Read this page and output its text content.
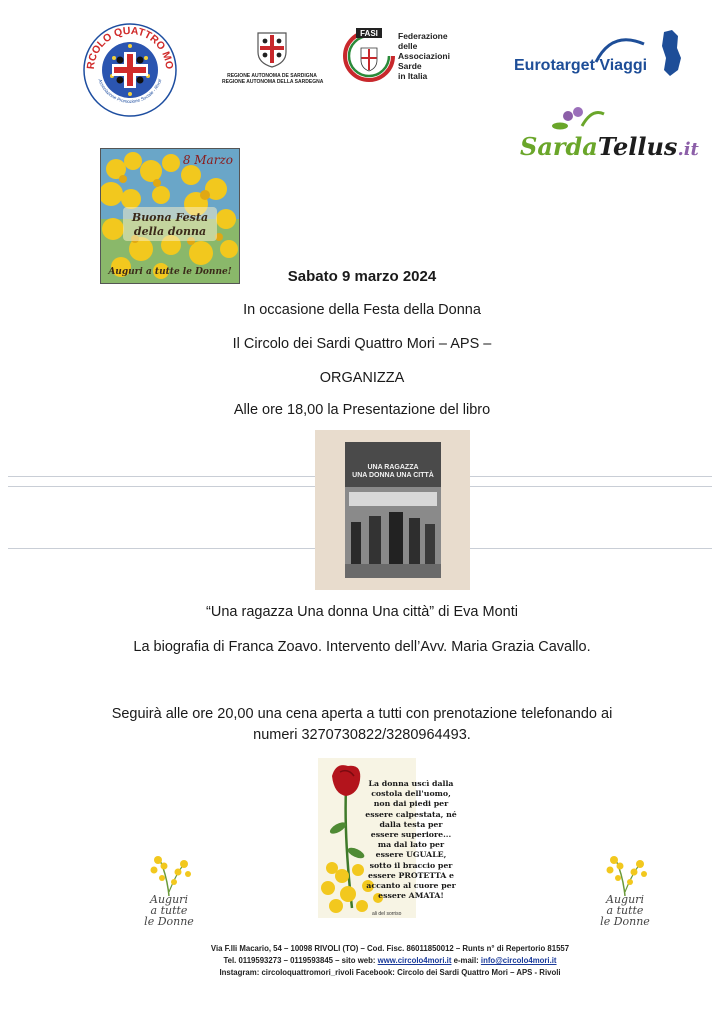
RCOLO QUATTRO MO
Associazione Promozione Sociale - Rivoli
REGIONE AUTONOMA DE SARDIGNA
REGIONE AUTONOMA DELLA SARDEGNA
FASI Federazione
delle
Associazioni
Sarde
in Italia
Eurotarget Viaggi
SardaTellus.it
8 Marzo
Buona Festa
della donna
Auguri a tutte le Donne!	Sabato 9 marzo 2024
In occasione della Festa della Donna
Il Circolo dei Sardi Quattro Mori – APS –
ORGANIZZA
Alle ore 18,00 la Presentazione del libro
UNA RAGAZZA
UNA DONNA UNA CITTÀ
“Una ragazza Una donna Una città” di Eva Monti
La biografia di Franca Zoavo. Intervento dell’Avv. Maria Grazia Cavallo.
Seguirà alle ore 20,00 una cena aperta a tutti con prenotazione telefonando ai
numeri 3270730822/3280964493.
La donna uscì dalla
costola dell'uomo,
non dai piedi per
essere calpestata, né
dalla testa per
essere superiore...
ma dal lato per
essere UGUALE,
sotto il braccio per
essere PROTETTA e
accanto al cuore per
essere AMATA!
ali del sorriso
Auguri
a tutte
le Donne
Auguri
a tutte
le Donne
Via F.lli Macario, 54 – 10098 RIVOLI (TO) – Cod. Fisc. 86011850012 – Runts n° di Repertorio 81557
Tel. 0119593273 – 0119593845 – sito web: www.circolo4mori.it e-mail: info@circolo4mori.it
Instagram: circoloquattromori_rivoli Facebook: Circolo dei Sardi Quattro Mori – APS - Rivoli
